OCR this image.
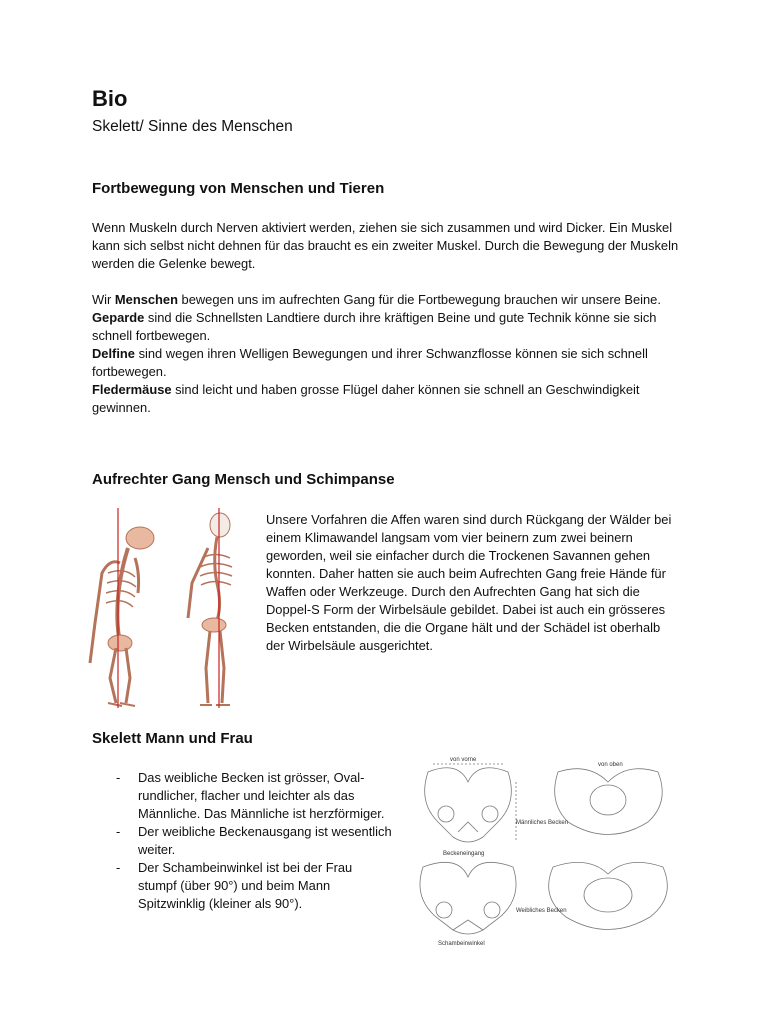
Bio

Skelett/ Sinne des Menschen

Fortbewegung von Menschen und Tieren

Wenn Muskeln durch Nerven aktiviert werden, ziehen sie sich zusammen und wird Dicker. Ein Muskel kann sich selbst nicht dehnen für das braucht es ein zweiter Muskel. Durch die Bewegung der Muskeln werden die Gelenke bewegt.

Wir Menschen bewegen uns im aufrechten Gang für die Fortbewegung brauchen wir unsere Beine.
Geparde sind die Schnellsten Landtiere durch ihre kräftigen Beine und gute Technik könne sie sich schnell fortbewegen.
Delfine sind wegen ihren Welligen Bewegungen und ihrer Schwanzflosse können sie sich schnell fortbewegen.
Fledermäuse sind leicht und haben grosse Flügel daher können sie schnell an Geschwindigkeit gewinnen.
Aufrechter Gang Mensch und Schimpanse

Unsere Vorfahren die Affen waren sind durch Rückgang der Wälder bei einem Klimawandel langsam vom vier beinern zum zwei beinern geworden, weil sie einfacher durch die Trockenen Savannen gehen konnten. Daher hatten sie auch beim Aufrechten Gang freie Hände für Waffen oder Werkzeuge. Durch den Aufrechten Gang hat sich die Doppel-S Form der Wirbelsäule gebildet. Dabei ist auch ein grösseres Becken entstanden, die die Organe hält und der Schädel ist oberhalb der Wirbelsäule ausgerichtet.

Skelett Mann und Frau
- Das weibliche Becken ist grösser, Oval-rundlicher, flacher und leichter als das Männliche. Das Männliche ist herzförmiger.
- Der weibliche Beckenausgang ist wesentlich weiter.
- Der Schambeinwinkel ist bei der Frau stumpf (über 90°) und beim Mann Spitzwinklig (kleiner als 90°).
von vorne
von oben
Männliches Becken
Beckeneingang
Weibliches Becken
Schambeinwinkel
